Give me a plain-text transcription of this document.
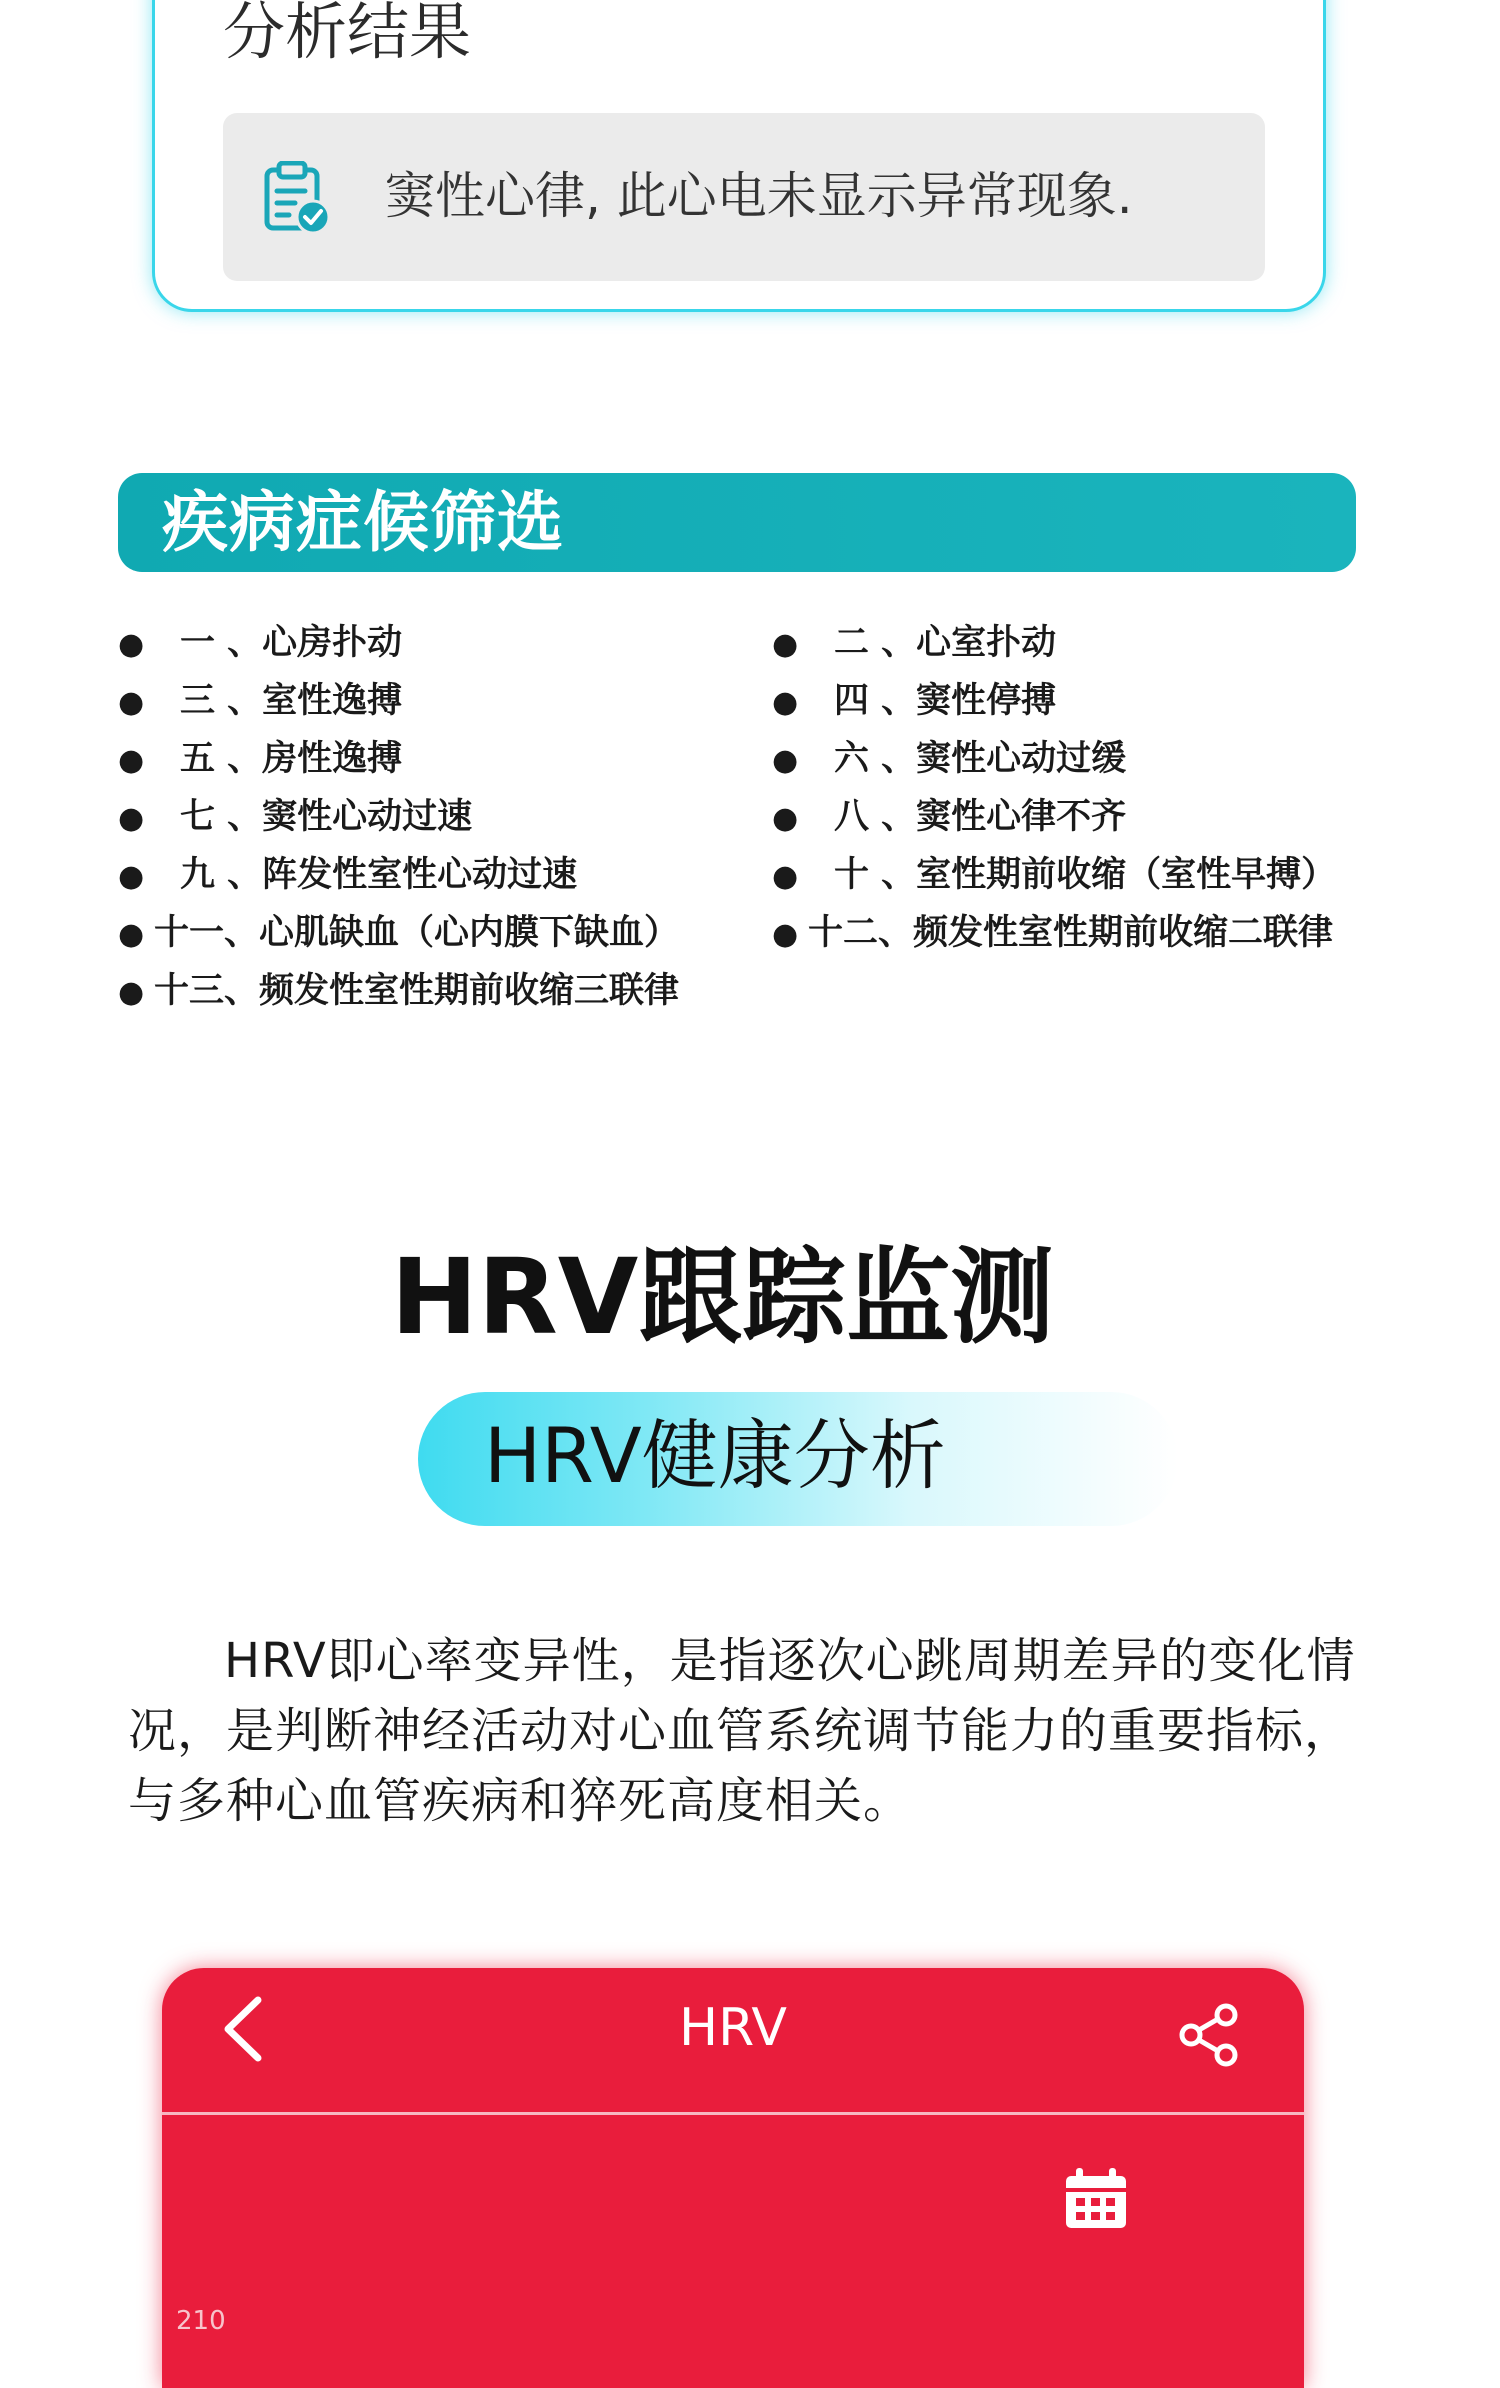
分析结果
窦性心律, 此心电未显示异常现象.
疾病症候筛选
● 一 、心房扑动	● 二 、心室扑动
● 三 、室性逸搏	● 四 、窦性停搏
● 五 、房性逸搏	● 六 、窦性心动过缓
● 七 、窦性心动过速	● 八 、窦性心律不齐
● 九 、阵发性室性心动过速	● 十 、室性期前收缩（室性早搏）
● 十一、心肌缺血（心内膜下缺血）	● 十二、频发性室性期前收缩二联律
● 十三、频发性室性期前收缩三联律
HRV跟踪监测
HRV健康分析

HRV即心率变异性，是指逐次心跳周期差异的变化情况，是判断神经活动对心血管系统调节能力的重要指标，与多种心血管疾病和猝死高度相关。

HRV
210
